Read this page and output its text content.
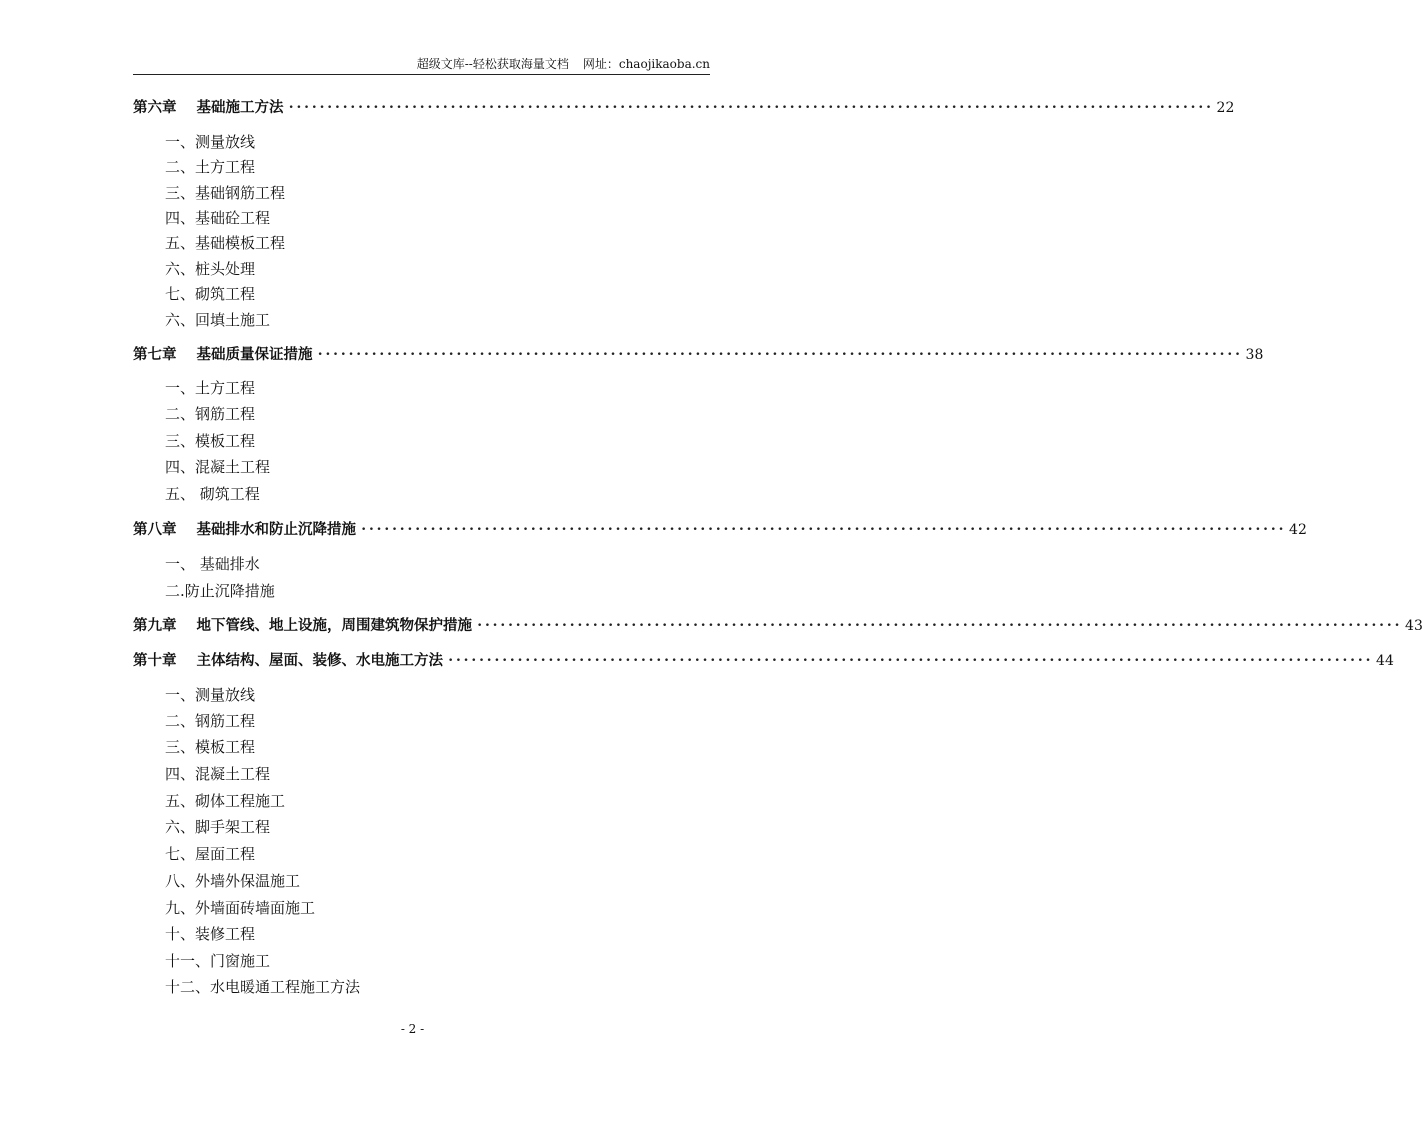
超级文库--轻松获取海量文档 网址：chaojikaoba.cn
第六章 基础施工方法 •••••••••••••••••••••••••••••••••••••••••••••••••••••••••••••••••••••••••••••••••••••••••••••••••••••••••••••••••••••••• 22
一、测量放线
二、土方工程
三、基础钢筋工程
四、基础砼工程
五、基础模板工程
六、桩头处理
七、砌筑工程
六、回填土施工
第七章 基础质量保证措施 •••••••••••••••••••••••••••••••••••••••••••••••••••••••••••••••••••••••••••••••••••••••••••••••••••••••••••••••••••••••• 38
一、土方工程
二、钢筋工程
三、模板工程
四、混凝土工程
五、 砌筑工程
第八章 基础排水和防止沉降措施 •••••••••••••••••••••••••••••••••••••••••••••••••••••••••••••••••••••••••••••••••••••••••••••••••••••••••••••••••••••••• 42
一、 基础排水
二.防止沉降措施
第九章 地下管线、地上设施，周围建筑物保护措施 •••••••••••••••••••••••••••••••••••••••••••••••••••••••••••••••••••••••••••••••••••••••••••••••••••••••••••••••••••••••• 43
第十章 主体结构、屋面、装修、水电施工方法 •••••••••••••••••••••••••••••••••••••••••••••••••••••••••••••••••••••••••••••••••••••••••••••••••••••••••••••••••••••••• 44
一、测量放线
二、钢筋工程
三、模板工程
四、混凝土工程
五、砌体工程施工
六、脚手架工程
七、屋面工程
八、外墙外保温施工
九、外墙面砖墙面施工
十、装修工程
十一、门窗施工
十二、水电暖通工程施工方法
- 2 -
